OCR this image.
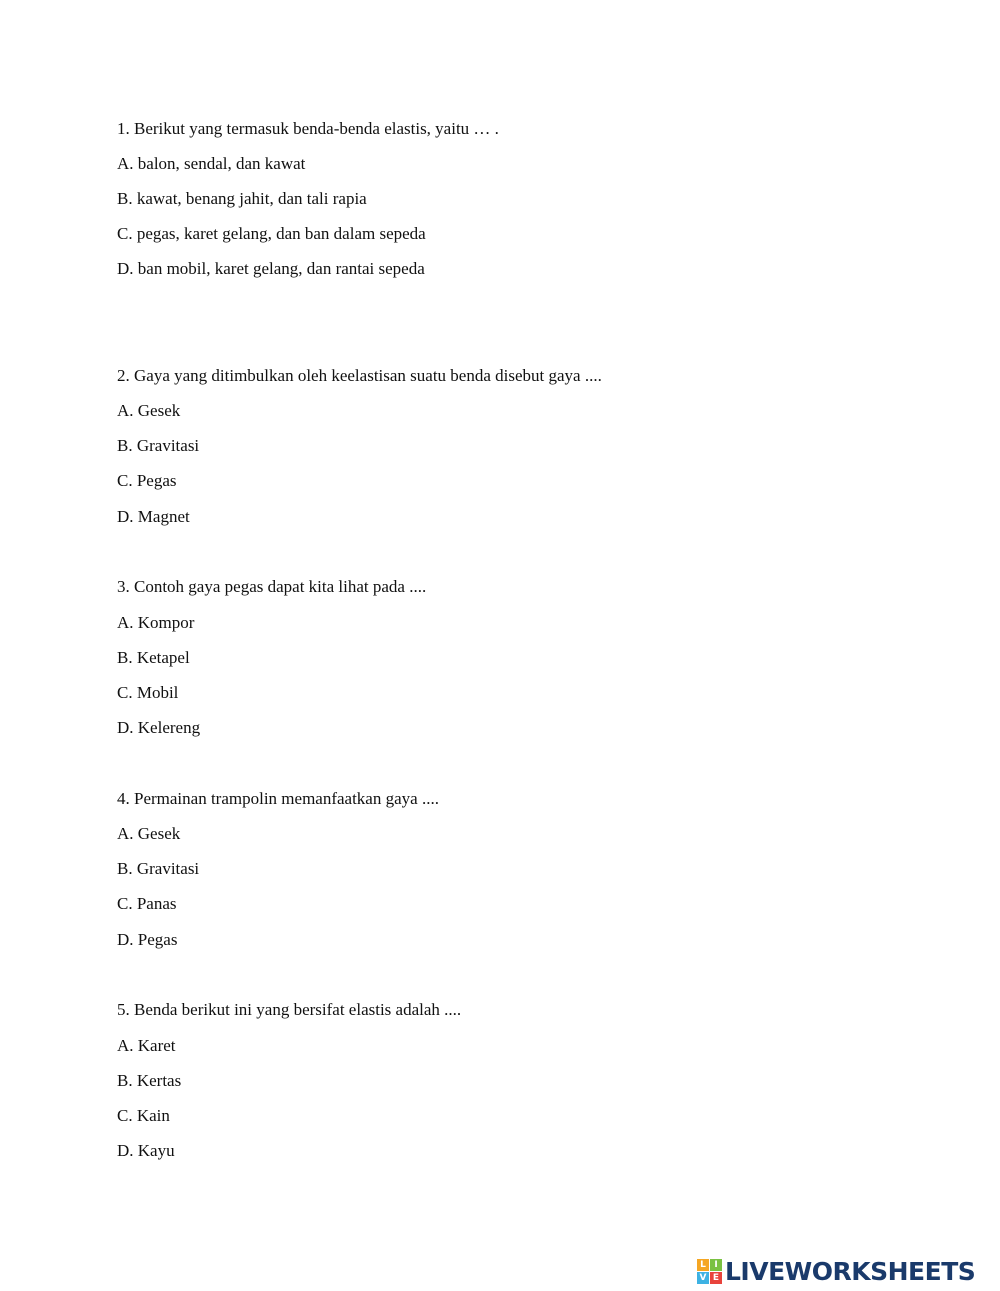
1. Berikut yang termasuk benda-benda elastis, yaitu … .
A. balon, sendal, dan kawat
B. kawat, benang jahit, dan tali rapia
C. pegas, karet gelang, dan ban dalam sepeda
D. ban mobil, karet gelang, dan rantai sepeda
2. Gaya yang ditimbulkan oleh keelastisan suatu benda disebut gaya ....
A. Gesek
B. Gravitasi
C. Pegas
D. Magnet
3. Contoh gaya pegas dapat kita lihat pada ....
A. Kompor
B. Ketapel
C. Mobil
D. Kelereng
4. Permainan trampolin memanfaatkan gaya ....
A. Gesek
B. Gravitasi
C. Panas
D. Pegas
5. Benda berikut ini yang bersifat elastis adalah ....
A. Karet
B. Kertas
C. Kain
D. Kayu
L I
V E LIVEWORKSHEETS
